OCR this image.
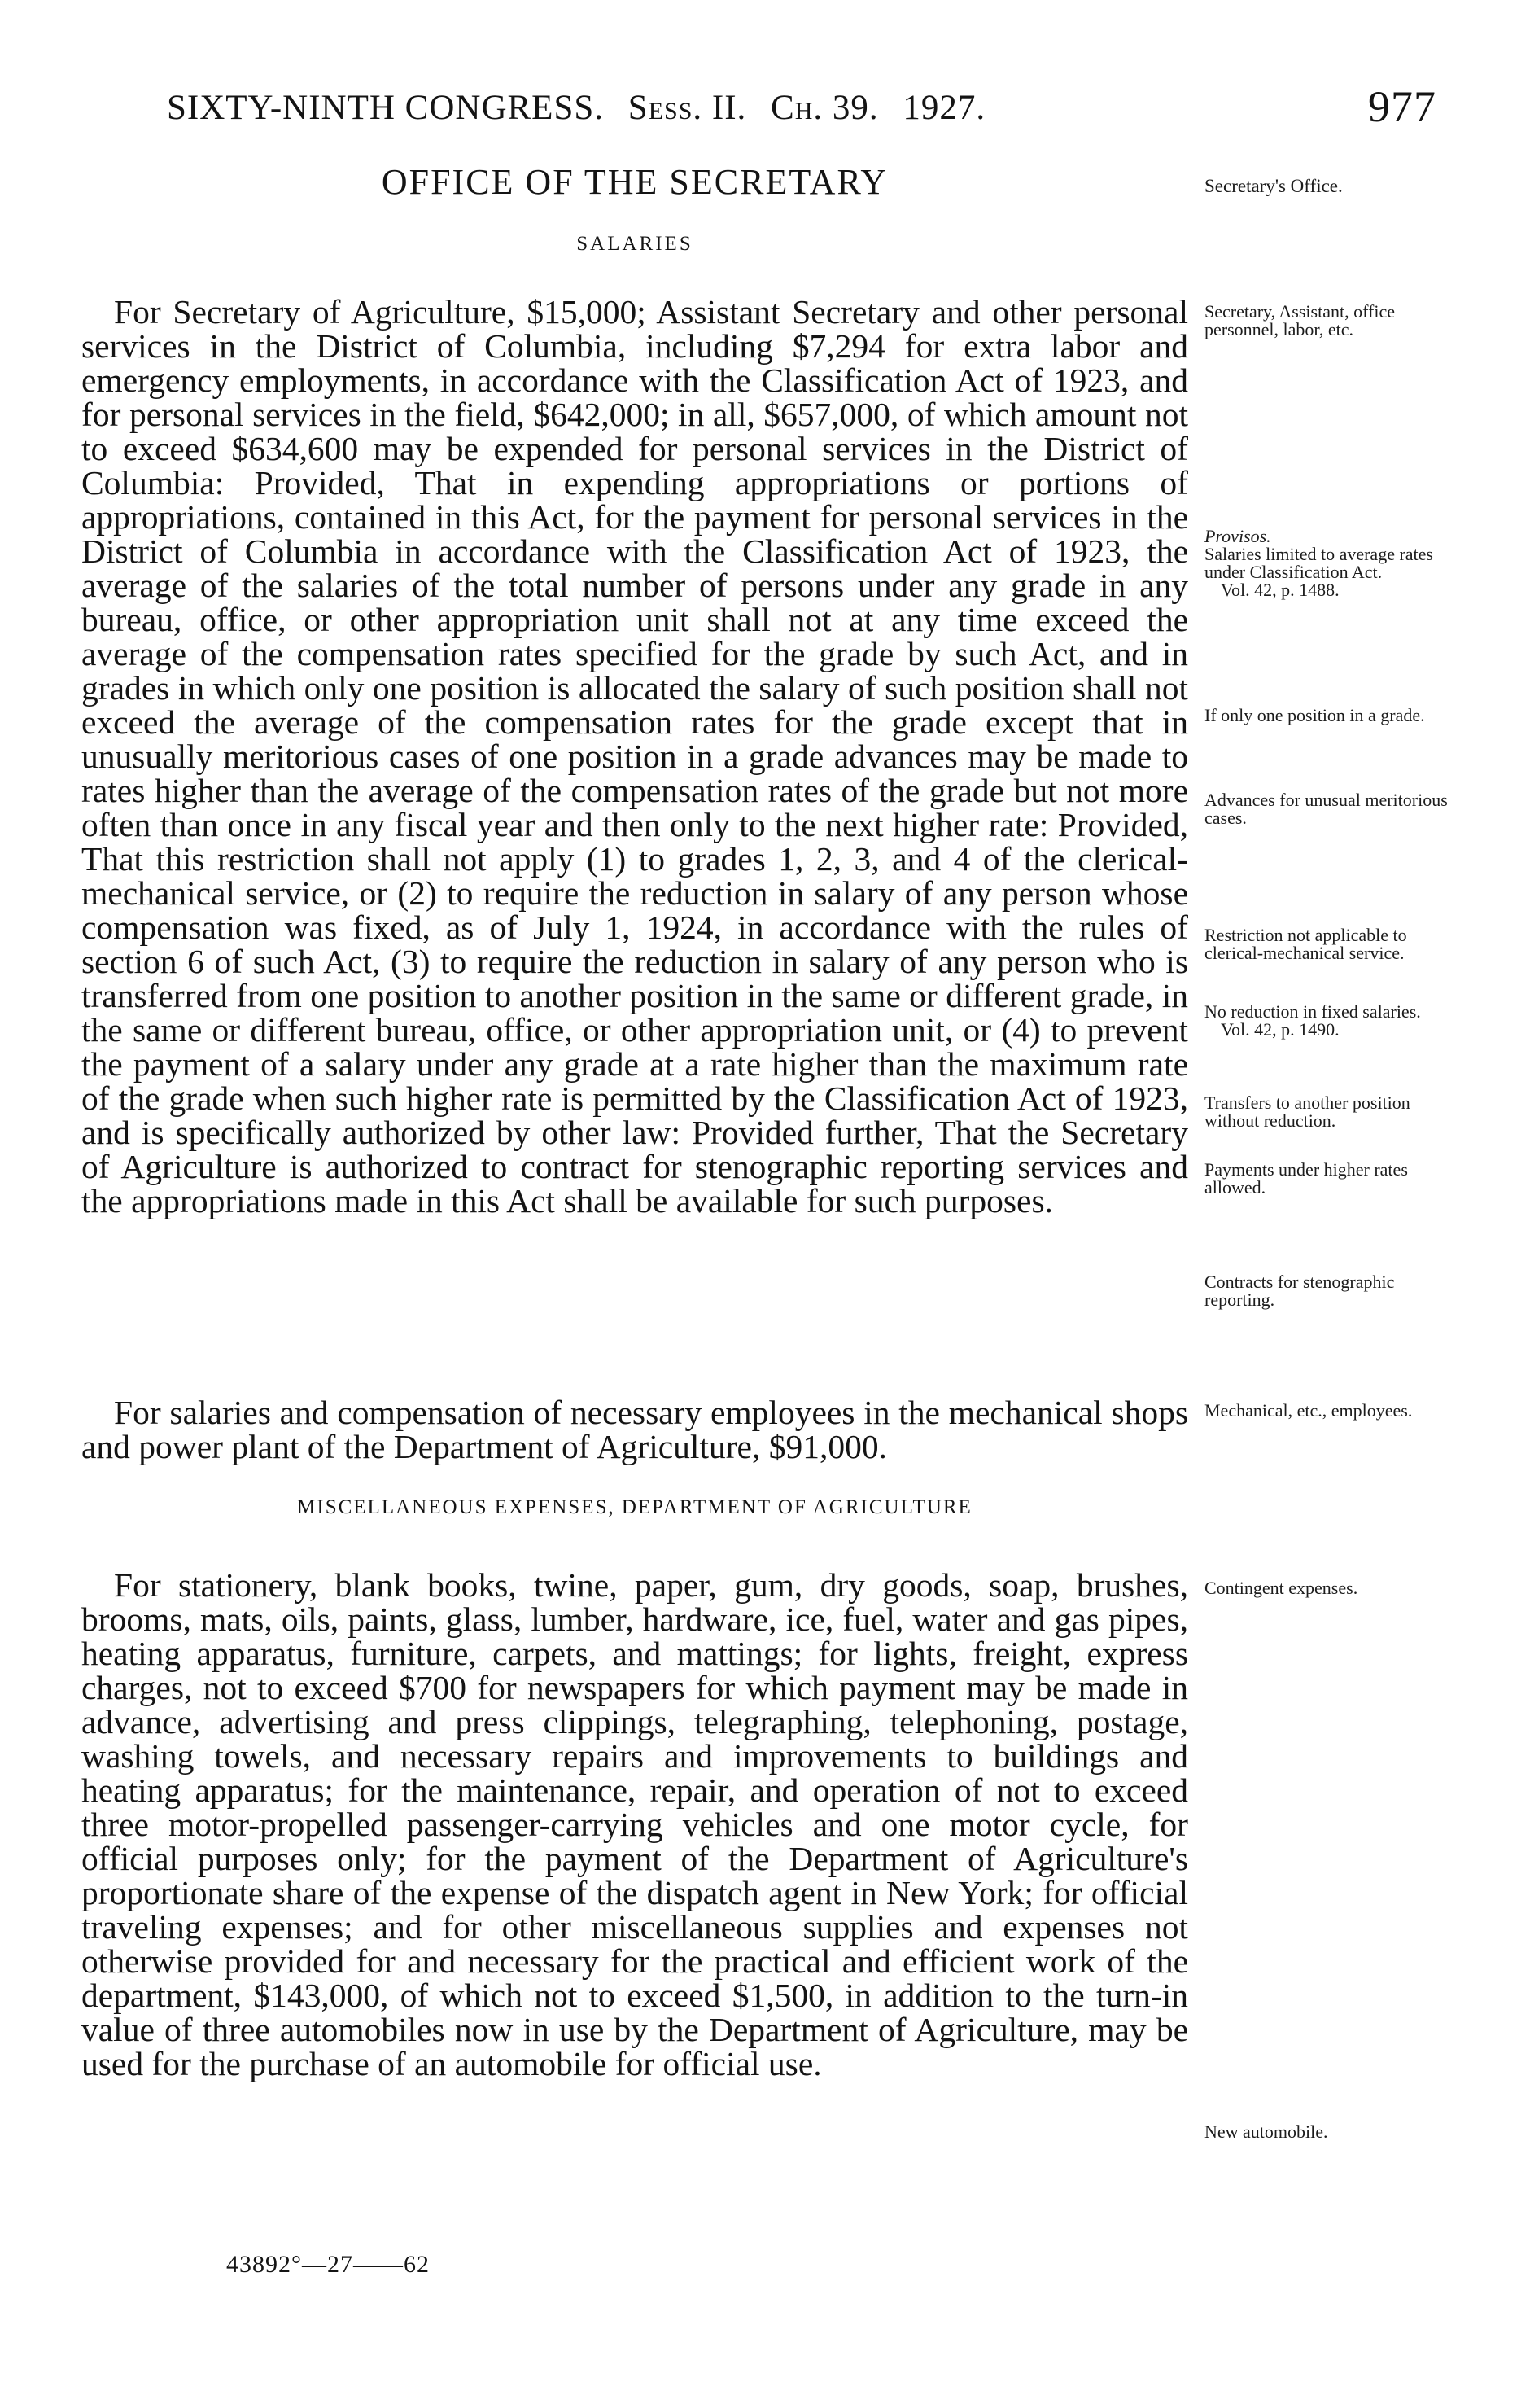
SIXTY-NINTH CONGRESS. Sess. II. Ch. 39. 1927.	977
OFFICE OF THE SECRETARY	Secretary's Office.
SALARIES

For Secretary of Agriculture, $15,000; Assistant Secretary and other personal services in the District of Columbia, including $7,294 for extra labor and emergency employments, in accordance with the Classification Act of 1923, and for personal services in the field, $642,000; in all, $657,000, of which amount not to exceed $634,600 may be expended for personal services in the District of Columbia: Provided, That in expending appropriations or portions of appropriations, contained in this Act, for the payment for personal services in the District of Columbia in accordance with the Classification Act of 1923, the average of the salaries of the total number of persons under any grade in any bureau, office, or other appropriation unit shall not at any time exceed the average of the compensation rates specified for the grade by such Act, and in grades in which only one position is allocated the salary of such position shall not exceed the average of the compensation rates for the grade except that in unusually meritorious cases of one position in a grade advances may be made to rates higher than the average of the compensation rates of the grade but not more often than once in any fiscal year and then only to the next higher rate: Provided, That this restriction shall not apply (1) to grades 1, 2, 3, and 4 of the clerical-mechanical service, or (2) to require the reduction in salary of any person whose compensation was fixed, as of July 1, 1924, in accordance with the rules of section 6 of such Act, (3) to require the reduction in salary of any person who is transferred from one position to another position in the same or different grade, in the same or different bureau, office, or other appropriation unit, or (4) to prevent the payment of a salary under any grade at a rate higher than the maximum rate of the grade when such higher rate is permitted by the Classification Act of 1923, and is specifically authorized by other law: Provided further, That the Secretary of Agriculture is authorized to contract for stenographic reporting services and the appropriations made in this Act shall be available for such purposes.

For salaries and compensation of necessary employees in the mechanical shops and power plant of the Department of Agriculture, $91,000.

MISCELLANEOUS EXPENSES, DEPARTMENT OF AGRICULTURE

For stationery, blank books, twine, paper, gum, dry goods, soap, brushes, brooms, mats, oils, paints, glass, lumber, hardware, ice, fuel, water and gas pipes, heating apparatus, furniture, carpets, and mattings; for lights, freight, express charges, not to exceed $700 for newspapers for which payment may be made in advance, advertising and press clippings, telegraphing, telephoning, postage, washing towels, and necessary repairs and improvements to buildings and heating apparatus; for the maintenance, repair, and operation of not to exceed three motor-propelled passenger-carrying vehicles and one motor cycle, for official purposes only; for the payment of the Department of Agriculture's proportionate share of the expense of the dispatch agent in New York; for official traveling expenses; and for other miscellaneous supplies and expenses not otherwise provided for and necessary for the practical and efficient work of the department, $143,000, of which not to exceed $1,500, in addition to the turn-in value of three automobiles now in use by the Department of Agriculture, may be used for the purchase of an automobile for official use.

Secretary, Assistant, office personnel, labor, etc.
Provisos.
Salaries limited to average rates under Classification Act.
Vol. 42, p. 1488.
If only one position in a grade.
Advances for unusual meritorious cases.
Restriction not applicable to clerical-mechanical service.
No reduction in fixed salaries.
Vol. 42, p. 1490.
Transfers to another position without reduction.
Payments under higher rates allowed.
Contracts for stenographic reporting.
Mechanical, etc., employees.
Contingent expenses.
New automobile.
43892°—27——62
